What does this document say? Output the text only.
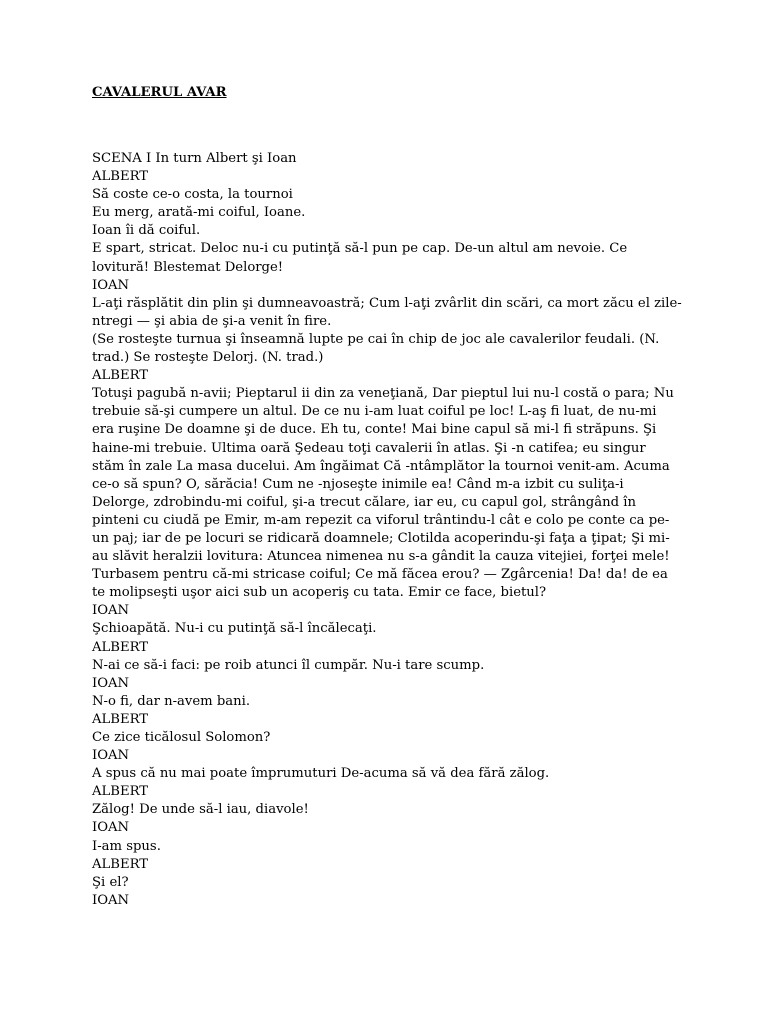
CAVALERUL AVAR
SCENA I In turn Albert şi Ioan
ALBERT
Să coste ce-o costa, la tournoi
Eu merg, arată-mi coiful, Ioane.
Ioan îi dă coiful.
E spart, stricat. Deloc nu-i cu putinţă să-l pun pe cap. De-un altul am nevoie. Ce lovitură! Blestemat Delorge!
IOAN
L-aţi răsplătit din plin şi dumneavoastră; Cum l-aţi zvârlit din scări, ca mort zăcu el zile-ntregi — şi abia de şi-a venit în fire.
(Se rosteşte turnua şi înseamnă lupte pe cai în chip de joc ale cavalerilor feudali. (N. trad.) Se rosteşte Delorj. (N. trad.)
ALBERT
Totuşi pagubă n-avii; Pieptarul ii din za veneţiană, Dar pieptul lui nu-l costă o para; Nu trebuie să-şi cumpere un altul. De ce nu i-am luat coiful pe loc! L-aş fi luat, de nu-mi era ruşine De doamne şi de duce. Eh tu, conte! Mai bine capul să mi-l fi străpuns. Şi haine-mi trebuie. Ultima oară Şedeau toţi cavalerii în atlas. Şi -n catifea; eu singur stăm în zale La masa ducelui. Am îngăimat Că -ntâmplător la tournoi venit-am. Acuma ce-o să spun? O, sărăcia! Cum ne -njoseşte inimile ea! Când m-a izbit cu suliţa-i Delorge, zdrobindu-mi coiful, şi-a trecut călare, iar eu, cu capul gol, strângând în pinteni cu ciudă pe Emir, m-am repezit ca viforul trântindu-l cât e colo pe conte ca pe-un paj; iar de pe locuri se ridicară doamnele; Clotilda acoperindu-şi faţa a ţipat; Şi mi-au slăvit heralzii lovitura: Atuncea nimenea nu s-a gândit la cauza vitejiei, forţei mele! Turbasem pentru că-mi stricase coiful; Ce mă făcea erou? — Zgârcenia! Da! da! de ea te molipseşti uşor aici sub un acoperiş cu tata. Emir ce face, bietul?
IOAN
Şchioapătă. Nu-i cu putinţă să-l încălecaţi.
ALBERT
N-ai ce să-i faci: pe roib atunci îl cumpăr. Nu-i tare scump.
IOAN
N-o fi, dar n-avem bani.
ALBERT
Ce zice ticălosul Solomon?
IOAN
A spus că nu mai poate împrumuturi De-acuma să vă dea fără zălog.
ALBERT
Zălog! De unde să-l iau, diavole!
IOAN
I-am spus.
ALBERT
Şi el?
IOAN
